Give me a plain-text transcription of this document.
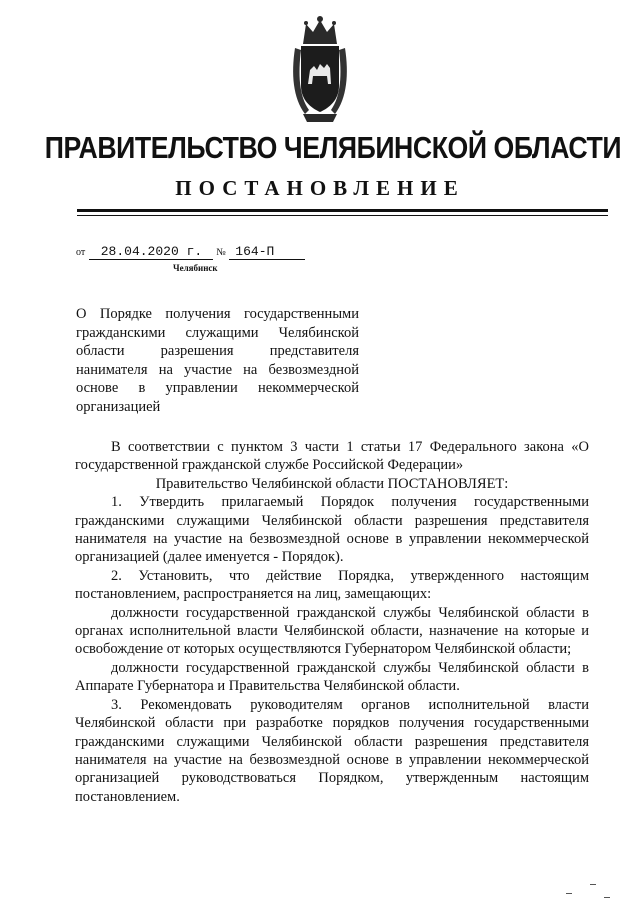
ПРАВИТЕЛЬСТВО ЧЕЛЯБИНСКОЙ ОБЛАСТИ
ПОСТАНОВЛЕНИЕ
от 28.04.2020 г. № 164-П
Челябинск
О Порядке получения государственными гражданскими служащими Челябинской области разрешения представителя нанимателя на участие на безвозмездной основе в управлении некоммерческой организацией

В соответствии с пунктом 3 части 1 статьи 17 Федерального закона «О государственной гражданской службе Российской Федерации»

Правительство Челябинской области ПОСТАНОВЛЯЕТ:

1. Утвердить прилагаемый Порядок получения государственными гражданскими служащими Челябинской области разрешения представителя нанимателя на участие на безвозмездной основе в управлении некоммерческой организацией (далее именуется - Порядок).

2. Установить, что действие Порядка, утвержденного настоящим постановлением, распространяется на лиц, замещающих:

должности государственной гражданской службы Челябинской области в органах исполнительной власти Челябинской области, назначение на которые и освобождение от которых осуществляются Губернатором Челябинской области;

должности государственной гражданской службы Челябинской области в Аппарате Губернатора и Правительства Челябинской области.

3. Рекомендовать руководителям органов исполнительной власти Челябинской области при разработке порядков получения государственными гражданскими служащими Челябинской области разрешения представителя нанимателя на участие на безвозмездной основе в управлении некоммерческой организацией руководствоваться Порядком, утвержденным настоящим постановлением.
